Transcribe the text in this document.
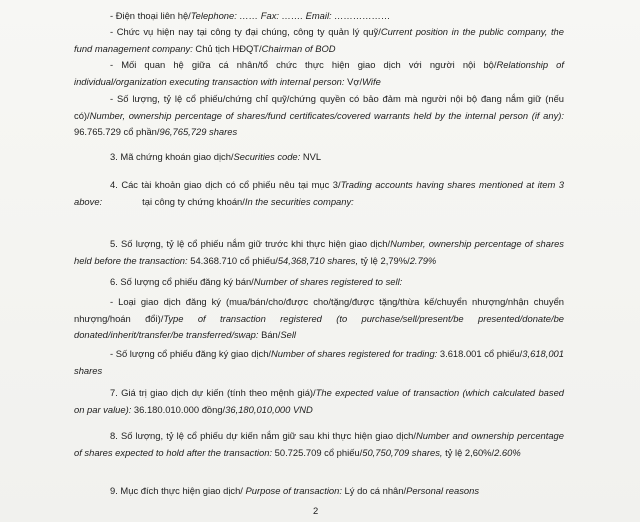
- Điện thoại liên hệ/Telephone: …… Fax: ……. Email: ………………

- Chức vụ hiện nay tại công ty đại chúng, công ty quản lý quỹ/Current position in the public company, the fund management company: Chủ tịch HĐQT/Chairman of BOD

- Mối quan hệ giữa cá nhân/tổ chức thực hiện giao dịch với người nội bộ/Relationship of individual/organization executing transaction with internal person: Vợ/Wife

- Số lượng, tỷ lệ cổ phiếu/chứng chỉ quỹ/chứng quyền có bảo đảm mà người nội bộ đang nắm giữ (nếu có)/Number, ownership percentage of shares/fund certificates/covered warrants held by the internal person (if any): 96.765.729 cổ phần/96,765,729 shares

3. Mã chứng khoán giao dịch/Securities code: NVL

4. Các tài khoản giao dịch có cổ phiếu nêu tại mục 3/Trading accounts having shares mentioned at item 3 above:	tại công ty chứng khoán/In the securities company:

5. Số lượng, tỷ lệ cổ phiếu nắm giữ trước khi thực hiện giao dịch/Number, ownership percentage of shares held before the transaction: 54.368.710 cổ phiếu/54,368,710 shares, tỷ lệ 2,79%/2.79%

6. Số lượng cổ phiếu đăng ký bán/Number of shares registered to sell:

- Loại giao dịch đăng ký (mua/bán/cho/được cho/tặng/được tặng/thừa kế/chuyển nhượng/nhận chuyển nhượng/hoán đổi)/Type of transaction registered (to purchase/sell/present/be presented/donate/be donated/inherit/transfer/be transferred/swap: Bán/Sell

- Số lượng cổ phiếu đăng ký giao dịch/Number of shares registered for trading: 3.618.001 cổ phiếu/3,618,001 shares

7. Giá trị giao dịch dự kiến (tính theo mệnh giá)/The expected value of transaction (which calculated based on par value): 36.180.010.000 đồng/36,180,010,000 VND

8. Số lượng, tỷ lệ cổ phiếu dự kiến nắm giữ sau khi thực hiện giao dịch/Number and ownership percentage of shares expected to hold after the transaction: 50.725.709 cổ phiếu/50,750,709 shares, tỷ lệ 2,60%/2.60%

9. Mục đích thực hiện giao dịch/ Purpose of transaction: Lý do cá nhân/Personal reasons

2
